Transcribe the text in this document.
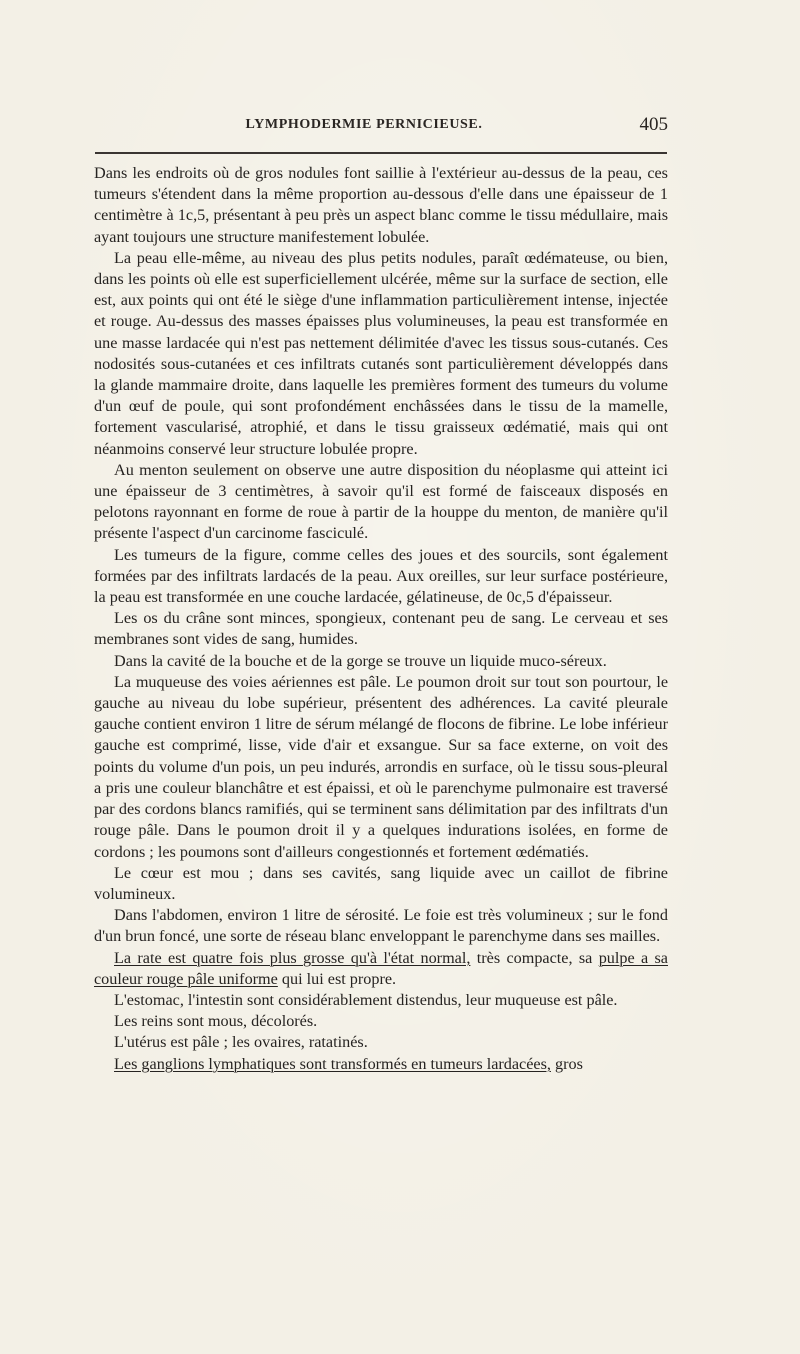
LYMPHODERMIE PERNICIEUSE.	405

Dans les endroits où de gros nodules font saillie à l'extérieur au-dessus de la peau, ces tumeurs s'étendent dans la même proportion au-dessous d'elle dans une épaisseur de 1 centimètre à 1c,5, présentant à peu près un aspect blanc comme le tissu médullaire, mais ayant toujours une structure manifestement lobulée.

La peau elle-même, au niveau des plus petits nodules, paraît œdémateuse, ou bien, dans les points où elle est superficiellement ulcérée, même sur la surface de section, elle est, aux points qui ont été le siège d'une inflammation particulièrement intense, injectée et rouge. Au-dessus des masses épaisses plus volumineuses, la peau est transformée en une masse lardacée qui n'est pas nettement délimitée d'avec les tissus sous-cutanés. Ces nodosités sous-cutanées et ces infiltrats cutanés sont particulièrement développés dans la glande mammaire droite, dans laquelle les premières forment des tumeurs du volume d'un œuf de poule, qui sont profondément enchâssées dans le tissu de la mamelle, fortement vascularisé, atrophié, et dans le tissu graisseux œdématié, mais qui ont néanmoins conservé leur structure lobulée propre.

Au menton seulement on observe une autre disposition du néoplasme qui atteint ici une épaisseur de 3 centimètres, à savoir qu'il est formé de faisceaux disposés en pelotons rayonnant en forme de roue à partir de la houppe du menton, de manière qu'il présente l'aspect d'un carcinome fasciculé.

Les tumeurs de la figure, comme celles des joues et des sourcils, sont également formées par des infiltrats lardacés de la peau. Aux oreilles, sur leur surface postérieure, la peau est transformée en une couche lardacée, gélatineuse, de 0c,5 d'épaisseur.

Les os du crâne sont minces, spongieux, contenant peu de sang. Le cerveau et ses membranes sont vides de sang, humides.

Dans la cavité de la bouche et de la gorge se trouve un liquide muco-séreux.

La muqueuse des voies aériennes est pâle. Le poumon droit sur tout son pourtour, le gauche au niveau du lobe supérieur, présentent des adhérences. La cavité pleurale gauche contient environ 1 litre de sérum mélangé de flocons de fibrine. Le lobe inférieur gauche est comprimé, lisse, vide d'air et exsangue. Sur sa face externe, on voit des points du volume d'un pois, un peu indurés, arrondis en surface, où le tissu sous-pleural a pris une couleur blanchâtre et est épaissi, et où le parenchyme pulmonaire est traversé par des cordons blancs ramifiés, qui se terminent sans délimitation par des infiltrats d'un rouge pâle. Dans le poumon droit il y a quelques indurations isolées, en forme de cordons ; les poumons sont d'ailleurs congestionnés et fortement œdématiés.

Le cœur est mou ; dans ses cavités, sang liquide avec un caillot de fibrine volumineux.

Dans l'abdomen, environ 1 litre de sérosité. Le foie est très volumineux ; sur le fond d'un brun foncé, une sorte de réseau blanc enveloppant le parenchyme dans ses mailles.

La rate est quatre fois plus grosse qu'à l'état normal, très compacte, sa pulpe a sa couleur rouge pâle uniforme qui lui est propre.

L'estomac, l'intestin sont considérablement distendus, leur muqueuse est pâle.

Les reins sont mous, décolorés.

L'utérus est pâle ; les ovaires, ratatinés.

Les ganglions lymphatiques sont transformés en tumeurs lardacées, gros
